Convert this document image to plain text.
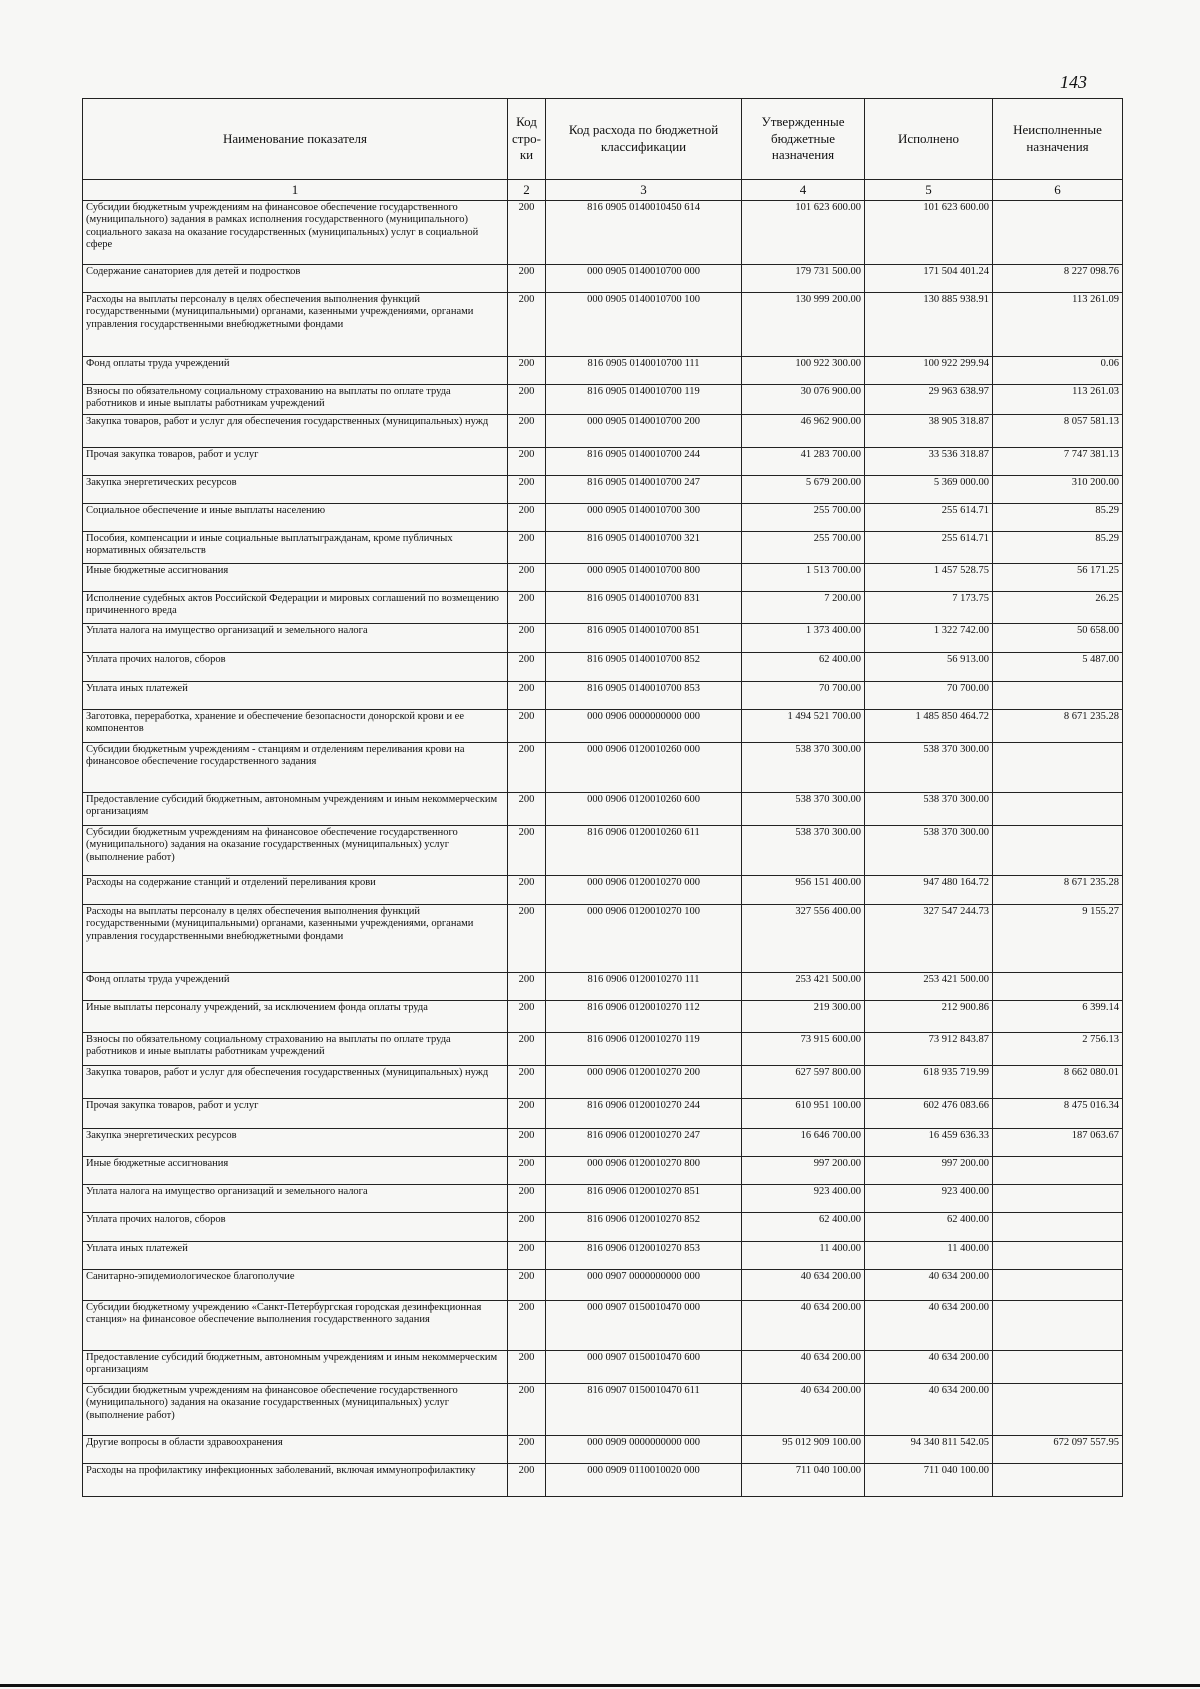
143
Наименование показателя	Код стро-ки	Код расхода по бюджетной классификации	Утвержденные бюджетные назначения	Исполнено	Неисполненные назначения
1	2	3	4	5	6
Субсидии бюджетным учреждениям на финансовое обеспечение государственного (муниципального) задания в рамках исполнения государственного (муниципального) социального заказа на оказание государственных (муниципальных) услуг в социальной сфере	200	816 0905 0140010450 614	101 623 600.00	101 623 600.00	
Содержание санаториев для детей и подростков	200	000 0905 0140010700 000	179 731 500.00	171 504 401.24	8 227 098.76
Расходы на выплаты персоналу в целях обеспечения выполнения функций государственными (муниципальными) органами, казенными учреждениями, органами управления государственными внебюджетными фондами	200	000 0905 0140010700 100	130 999 200.00	130 885 938.91	113 261.09
Фонд оплаты труда учреждений	200	816 0905 0140010700 111	100 922 300.00	100 922 299.94	0.06
Взносы по обязательному социальному страхованию на выплаты по оплате труда работников и иные выплаты работникам учреждений	200	816 0905 0140010700 119	30 076 900.00	29 963 638.97	113 261.03
Закупка товаров, работ и услуг для обеспечения государственных (муниципальных) нужд	200	000 0905 0140010700 200	46 962 900.00	38 905 318.87	8 057 581.13
Прочая закупка товаров, работ и услуг	200	816 0905 0140010700 244	41 283 700.00	33 536 318.87	7 747 381.13
Закупка энергетических ресурсов	200	816 0905 0140010700 247	5 679 200.00	5 369 000.00	310 200.00
Социальное обеспечение и иные выплаты населению	200	000 0905 0140010700 300	255 700.00	255 614.71	85.29
Пособия, компенсации и иные социальные выплатыгражданам, кроме публичных нормативных обязательств	200	816 0905 0140010700 321	255 700.00	255 614.71	85.29
Иные бюджетные ассигнования	200	000 0905 0140010700 800	1 513 700.00	1 457 528.75	56 171.25
Исполнение судебных актов Российской Федерации и мировых соглашений по возмещению причиненного вреда	200	816 0905 0140010700 831	7 200.00	7 173.75	26.25
Уплата налога на имущество организаций и земельного налога	200	816 0905 0140010700 851	1 373 400.00	1 322 742.00	50 658.00
Уплата прочих налогов, сборов	200	816 0905 0140010700 852	62 400.00	56 913.00	5 487.00
Уплата иных платежей	200	816 0905 0140010700 853	70 700.00	70 700.00	
Заготовка, переработка, хранение и обеспечение безопасности донорской крови и ее компонентов	200	000 0906 0000000000 000	1 494 521 700.00	1 485 850 464.72	8 671 235.28
Субсидии бюджетным учреждениям - станциям и отделениям переливания крови на финансовое обеспечение государственного задания	200	000 0906 0120010260 000	538 370 300.00	538 370 300.00	
Предоставление субсидий бюджетным, автономным учреждениям и иным некоммерческим организациям	200	000 0906 0120010260 600	538 370 300.00	538 370 300.00	
Субсидии бюджетным учреждениям на финансовое обеспечение государственного (муниципального) задания на оказание государственных (муниципальных) услуг (выполнение работ)	200	816 0906 0120010260 611	538 370 300.00	538 370 300.00	
Расходы на содержание станций и отделений переливания крови	200	000 0906 0120010270 000	956 151 400.00	947 480 164.72	8 671 235.28
Расходы на выплаты персоналу в целях обеспечения выполнения функций государственными (муниципальными) органами, казенными учреждениями, органами управления государственными внебюджетными фондами	200	000 0906 0120010270 100	327 556 400.00	327 547 244.73	9 155.27
Фонд оплаты труда учреждений	200	816 0906 0120010270 111	253 421 500.00	253 421 500.00	
Иные выплаты персоналу учреждений, за исключением фонда оплаты труда	200	816 0906 0120010270 112	219 300.00	212 900.86	6 399.14
Взносы по обязательному социальному страхованию на выплаты по оплате труда работников и иные выплаты работникам учреждений	200	816 0906 0120010270 119	73 915 600.00	73 912 843.87	2 756.13
Закупка товаров, работ и услуг для обеспечения государственных (муниципальных) нужд	200	000 0906 0120010270 200	627 597 800.00	618 935 719.99	8 662 080.01
Прочая закупка товаров, работ и услуг	200	816 0906 0120010270 244	610 951 100.00	602 476 083.66	8 475 016.34
Закупка энергетических ресурсов	200	816 0906 0120010270 247	16 646 700.00	16 459 636.33	187 063.67
Иные бюджетные ассигнования	200	000 0906 0120010270 800	997 200.00	997 200.00	
Уплата налога на имущество организаций и земельного налога	200	816 0906 0120010270 851	923 400.00	923 400.00	
Уплата прочих налогов, сборов	200	816 0906 0120010270 852	62 400.00	62 400.00	
Уплата иных платежей	200	816 0906 0120010270 853	11 400.00	11 400.00	
Санитарно-эпидемиологическое благополучие	200	000 0907 0000000000 000	40 634 200.00	40 634 200.00	
Субсидии бюджетному учреждению «Санкт-Петербургская городская дезинфекционная станция» на финансовое обеспечение выполнения государственного задания	200	000 0907 0150010470 000	40 634 200.00	40 634 200.00	
Предоставление субсидий бюджетным, автономным учреждениям и иным некоммерческим организациям	200	000 0907 0150010470 600	40 634 200.00	40 634 200.00	
Субсидии бюджетным учреждениям на финансовое обеспечение государственного (муниципального) задания на оказание государственных (муниципальных) услуг (выполнение работ)	200	816 0907 0150010470 611	40 634 200.00	40 634 200.00	
Другие вопросы в области здравоохранения	200	000 0909 0000000000 000	95 012 909 100.00	94 340 811 542.05	672 097 557.95
Расходы на профилактику инфекционных заболеваний, включая иммунопрофилактику	200	000 0909 0110010020 000	711 040 100.00	711 040 100.00	
